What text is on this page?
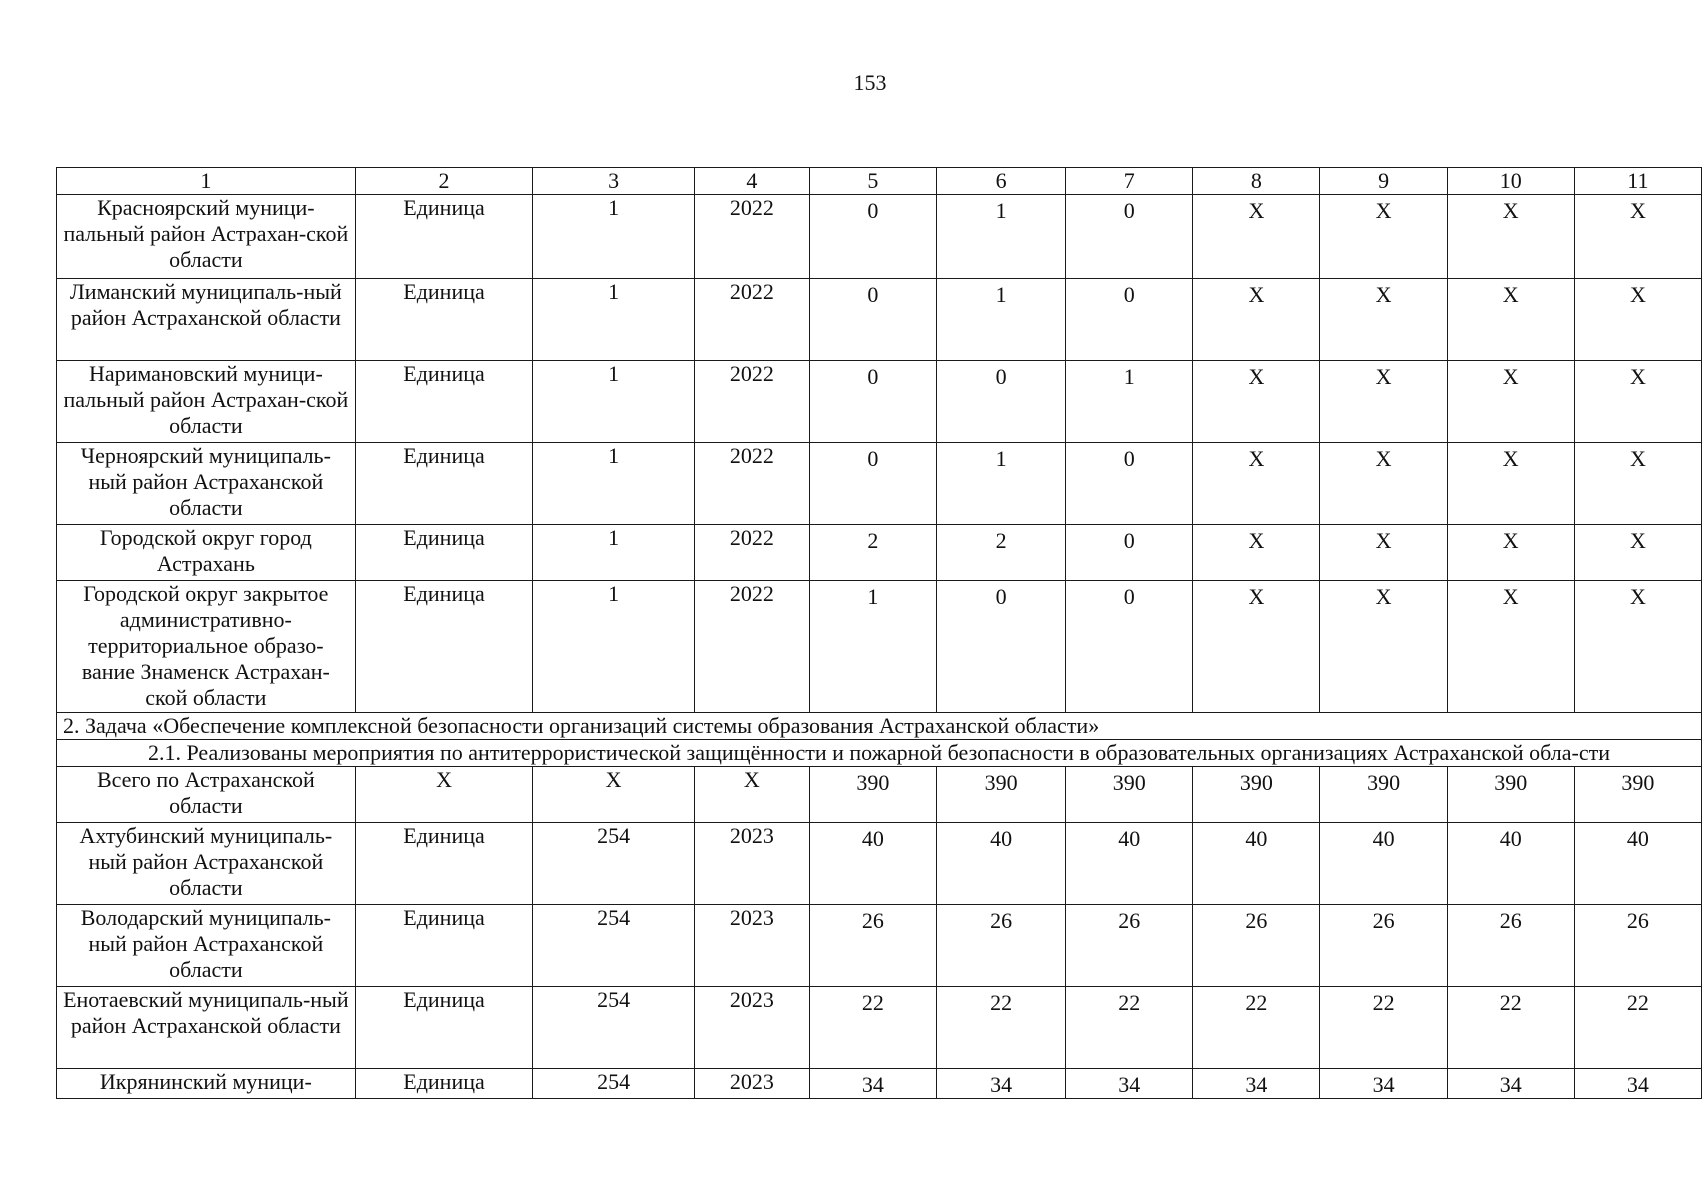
153
1	2	3	4	5	6	7	8	9	10	11
Красноярский муници-пальный район Астрахан-ской области	Единица	1	2022	0	1	0	X	X	X	X
Лиманский муниципаль-ный район Астраханской области	Единица	1	2022	0	1	0	X	X	X	X
Наримановский муници-пальный район Астрахан-ской области	Единица	1	2022	0	0	1	X	X	X	X
Черноярский муниципаль-ный район Астраханской области	Единица	1	2022	0	1	0	X	X	X	X
Городской округ город Астрахань	Единица	1	2022	2	2	0	X	X	X	X
Городской округ закрытое административно-территориальное образо-вание Знаменск Астрахан-ской области	Единица	1	2022	1	0	0	X	X	X	X
2. Задача «Обеспечение комплексной безопасности организаций системы образования Астраханской области»										
2.1. Реализованы мероприятия по антитеррористической защищённости и пожарной безопасности в образовательных организациях Астраханской обла-сти										
Всего по Астраханской области	X	X	X	390	390	390	390	390	390	390
Ахтубинский муниципаль-ный район Астраханской области	Единица	254	2023	40	40	40	40	40	40	40
Володарский муниципаль-ный район Астраханской области	Единица	254	2023	26	26	26	26	26	26	26
Енотаевский муниципаль-ный район Астраханской области	Единица	254	2023	22	22	22	22	22	22	22
Икрянинский муници-	Единица	254	2023	34	34	34	34	34	34	34
